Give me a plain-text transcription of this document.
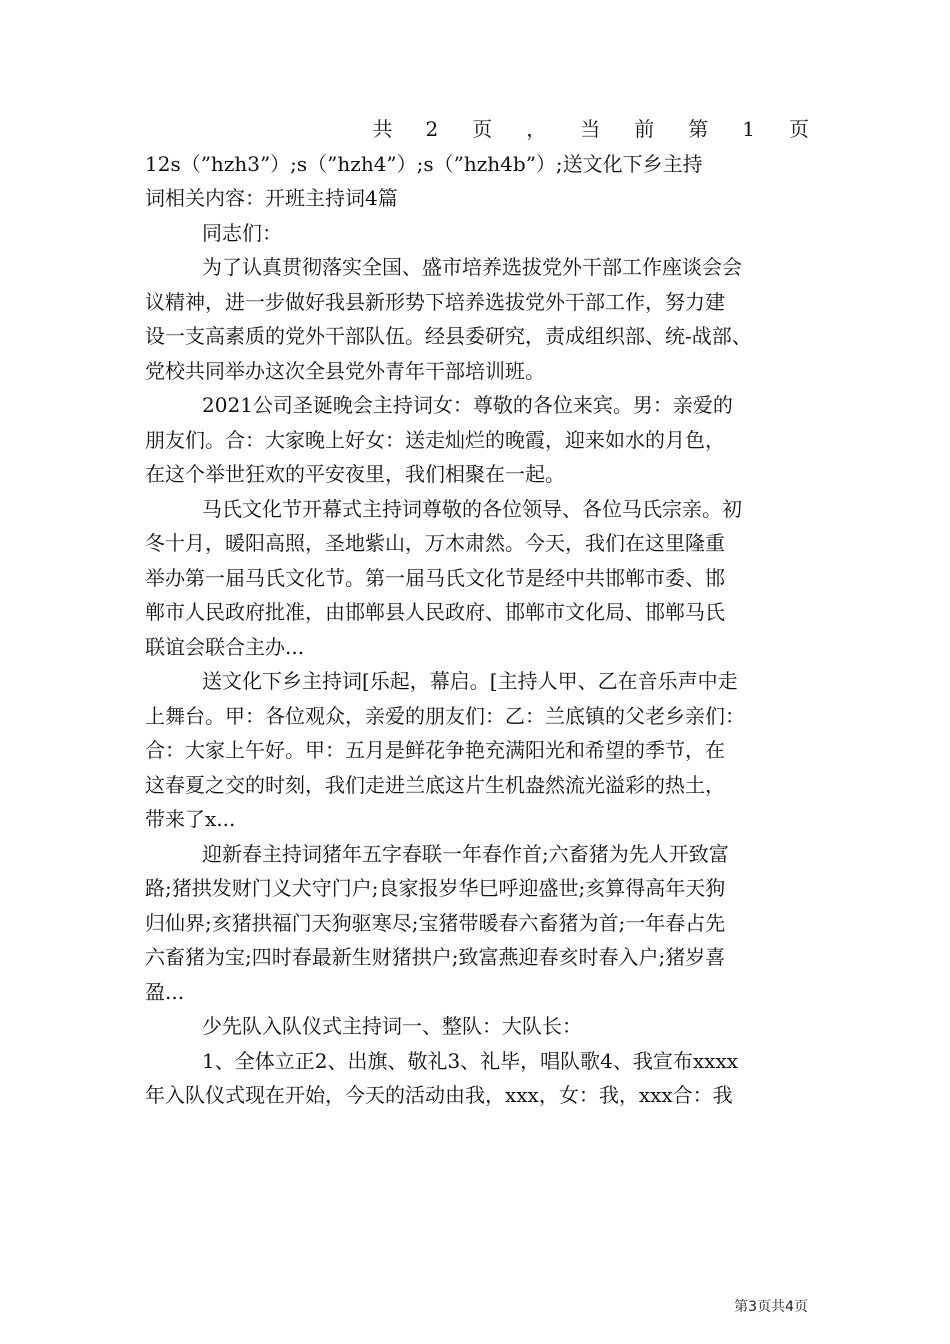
共 2 页 ， 当 前 第 1 页
12s（”hzh3”）;s（”hzh4”）;s（”hzh4b”）;送文化下乡主持
词相关内容：开班主持词4篇
同志们：
为了认真贯彻落实全国、盛市培养选拔党外干部工作座谈会会
议精神，进一步做好我县新形势下培养选拔党外干部工作，努力建
设一支高素质的党外干部队伍。经县委研究，责成组织部、统-战部、
党校共同举办这次全县党外青年干部培训班。
2021公司圣诞晚会主持词女：尊敬的各位来宾。男：亲爱的
朋友们。合：大家晚上好女：送走灿烂的晚霞，迎来如水的月色，
在这个举世狂欢的平安夜里，我们相聚在一起。
马氏文化节开幕式主持词尊敬的各位领导、各位马氏宗亲。初
冬十月，暖阳高照，圣地紫山，万木肃然。今天，我们在这里隆重
举办第一届马氏文化节。第一届马氏文化节是经中共邯郸市委、邯
郸市人民政府批准，由邯郸县人民政府、邯郸市文化局、邯郸马氏
联谊会联合主办...
送文化下乡主持词[乐起，幕启。[主持人甲、乙在音乐声中走
上舞台。甲：各位观众，亲爱的朋友们：乙：兰底镇的父老乡亲们：
合：大家上午好。甲：五月是鲜花争艳充满阳光和希望的季节，在
这春夏之交的时刻，我们走进兰底这片生机盎然流光溢彩的热土，
带来了x...
迎新春主持词猪年五字春联一年春作首;六畜猪为先人开致富
路;猪拱发财门义犬守门户;良家报岁华巳呼迎盛世;亥算得高年天狗
归仙界;亥猪拱福门天狗驱寒尽;宝猪带暖春六畜猪为首;一年春占先
六畜猪为宝;四时春最新生财猪拱户;致富燕迎春亥时春入户;猪岁喜
盈...
少先队入队仪式主持词一、整队：大队长：
1、全体立正2、出旗、敬礼3、礼毕，唱队歌4、我宣布xxxx
年入队仪式现在开始，今天的活动由我，xxx，女：我，xxx合：我
第3页共4页
